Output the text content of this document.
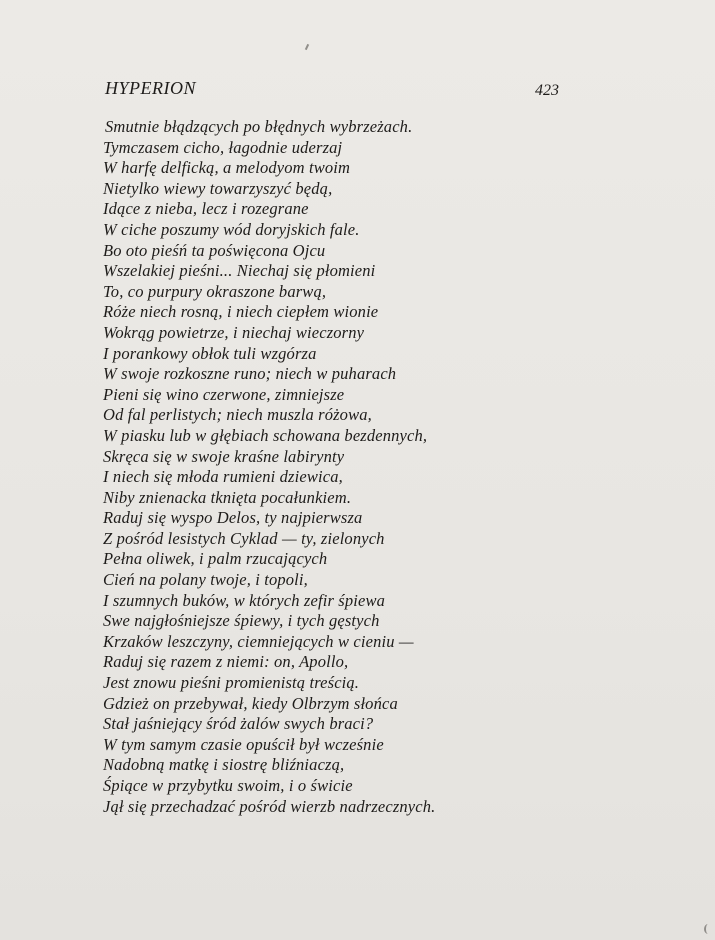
HYPERION	423
Smutnie błądzących po błędnych wybrzeżach.
Tymczasem cicho, łagodnie uderzaj
W harfę delficką, a melodyom twoim
Nietylko wiewy towarzyszyć będą,
Idące z nieba, lecz i rozegrane
W ciche poszumy wód doryjskich fale.
Bo oto pieśń ta poświęcona Ojcu
Wszelakiej pieśni... Niechaj się płomieni
To, co purpury okraszone barwą,
Róże niech rosną, i niech ciepłem wionie
Wokrąg powietrze, i niechaj wieczorny
I porankowy obłok tuli wzgórza
W swoje rozkoszne runo; niech w puharach
Pieni się wino czerwone, zimniejsze
Od fal perlistych; niech muszla różowa,
W piasku lub w głębiach schowana bezdennych,
Skręca się w swoje kraśne labirynty
I niech się młoda rumieni dziewica,
Niby znienacka tknięta pocałunkiem.
Raduj się wyspo Delos, ty najpierwsza
Z pośród lesistych Cyklad — ty, zielonych
Pełna oliwek, i palm rzucających
Cień na polany twoje, i topoli,
I szumnych buków, w których zefir śpiewa
Swe najgłośniejsze śpiewy, i tych gęstych
Krzaków leszczyny, ciemniejących w cieniu —
Raduj się razem z niemi: on, Apollo,
Jest znowu pieśni promienistą treścią.
Gdzież on przebywał, kiedy Olbrzym słońca
Stał jaśniejący śród żalów swych braci?
W tym samym czasie opuścił był wcześnie
Nadobną matkę i siostrę bliźniaczą,
Śpiące w przybytku swoim, i o świcie
Jął się przechadzać pośród wierzb nadrzecznych.
